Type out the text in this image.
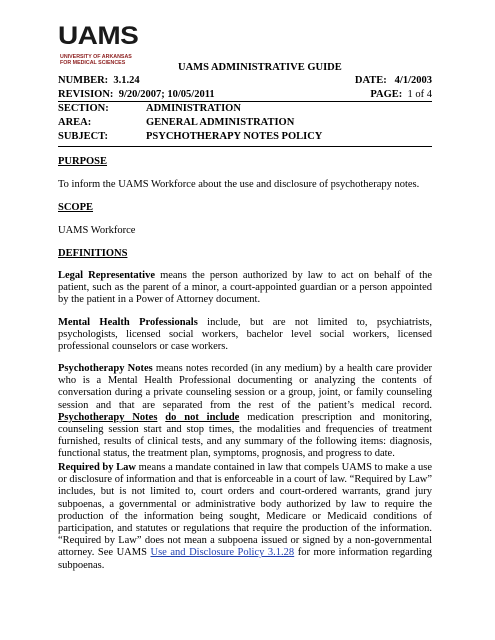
UAMS
UNIVERSITY OF ARKANSAS
FOR MEDICAL SCIENCES	UAMS ADMINISTRATIVE GUIDE
NUMBER: 3.1.24	DATE: 4/1/2003
REVISION: 9/20/2007; 10/05/2011	PAGE: 1 of 4
SECTION:	ADMINISTRATION
AREA:	GENERAL ADMINISTRATION
SUBJECT:	PSYCHOTHERAPY NOTES POLICY
PURPOSE
To inform the UAMS Workforce about the use and disclosure of psychotherapy notes.
SCOPE
UAMS Workforce
DEFINITIONS
Legal Representative means the person authorized by law to act on behalf of the patient, such as the parent of a minor, a court-appointed guardian or a person appointed by the patient in a Power of Attorney document.
Mental Health Professionals include, but are not limited to, psychiatrists, psychologists, licensed social workers, bachelor level social workers, licensed professional counselors or case workers.
Psychotherapy Notes means notes recorded (in any medium) by a health care provider who is a Mental Health Professional documenting or analyzing the contents of conversation during a private counseling session or a group, joint, or family counseling session and that are separated from the rest of the patient’s medical record. Psychotherapy Notes do not include medication prescription and monitoring, counseling session start and stop times, the modalities and frequencies of treatment furnished, results of clinical tests, and any summary of the following items: diagnosis, functional status, the treatment plan, symptoms, prognosis, and progress to date.
Required by Law means a mandate contained in law that compels UAMS to make a use or disclosure of information and that is enforceable in a court of law. “Required by Law” includes, but is not limited to, court orders and court-ordered warrants, grand jury subpoenas, a governmental or administrative body authorized by law to require the production of the information being sought, Medicare or Medicaid conditions of participation, and statutes or regulations that require the production of the information. “Required by Law” does not mean a subpoena issued or signed by a non-governmental attorney. See UAMS Use and Disclosure Policy 3.1.28 for more information regarding subpoenas.
